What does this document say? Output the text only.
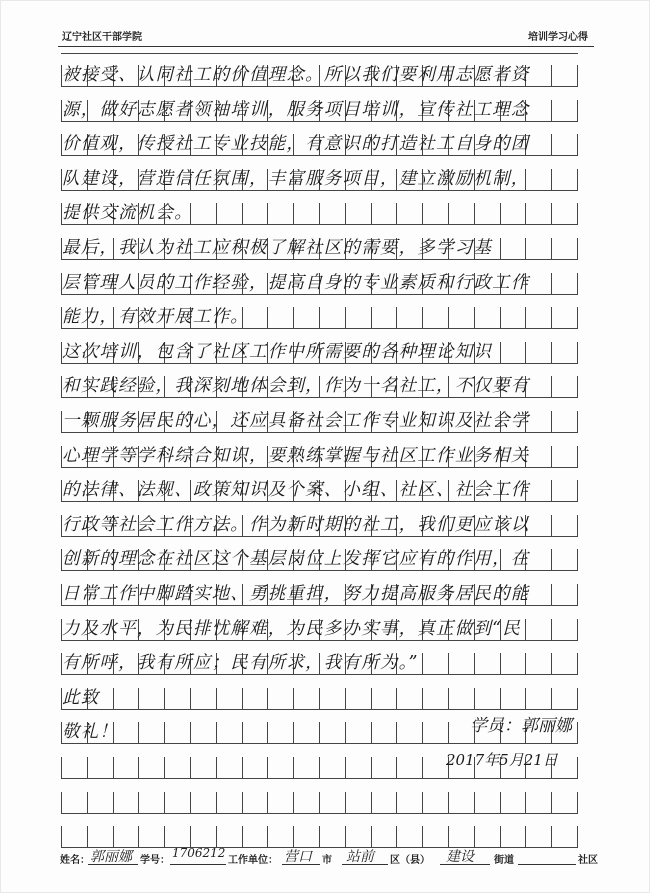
辽宁社区干部学院	培训学习心得
被接受、认同社工的价值理念。所以我们要利用志愿者资
源，做好志愿者领袖培训，服务项目培训，宣传社工理念
价值观，传授社工专业技能，有意识的打造社工自身的团
队建设，营造信任氛围，丰富服务项目，建立激励机制，
提供交流机会。
最后，我认为社工应积极了解社区的需要，多学习基
层管理人员的工作经验，提高自身的专业素质和行政工作
能力，有效开展工作。
这次培训，包含了社区工作中所需要的各种理论知识
和实践经验，我深刻地体会到，作为一名社工，不仅要有
一颗服务居民的心，还应具备社会工作专业知识及社会学
心理学等学科综合知识，要熟练掌握与社区工作业务相关
的法律、法规、政策知识及个案、小组、社区、社会工作
行政等社会工作方法。作为新时期的社工，我们更应该以
创新的理念在社区这个基层岗位上发挥它应有的作用，在
日常工作中脚踏实地、勇挑重担，努力提高服务居民的能
力及水平，为民排忧解难，为民多办实事，真正做到“民
有所呼，我有所应；民有所求，我有所为。”
此致
敬礼！	学员：郭丽娜
2017年5月21日
姓名： 郭丽娜 学号：
1706212
工作单位： 营口 市 站前 区（县） 建设 街道	社区
